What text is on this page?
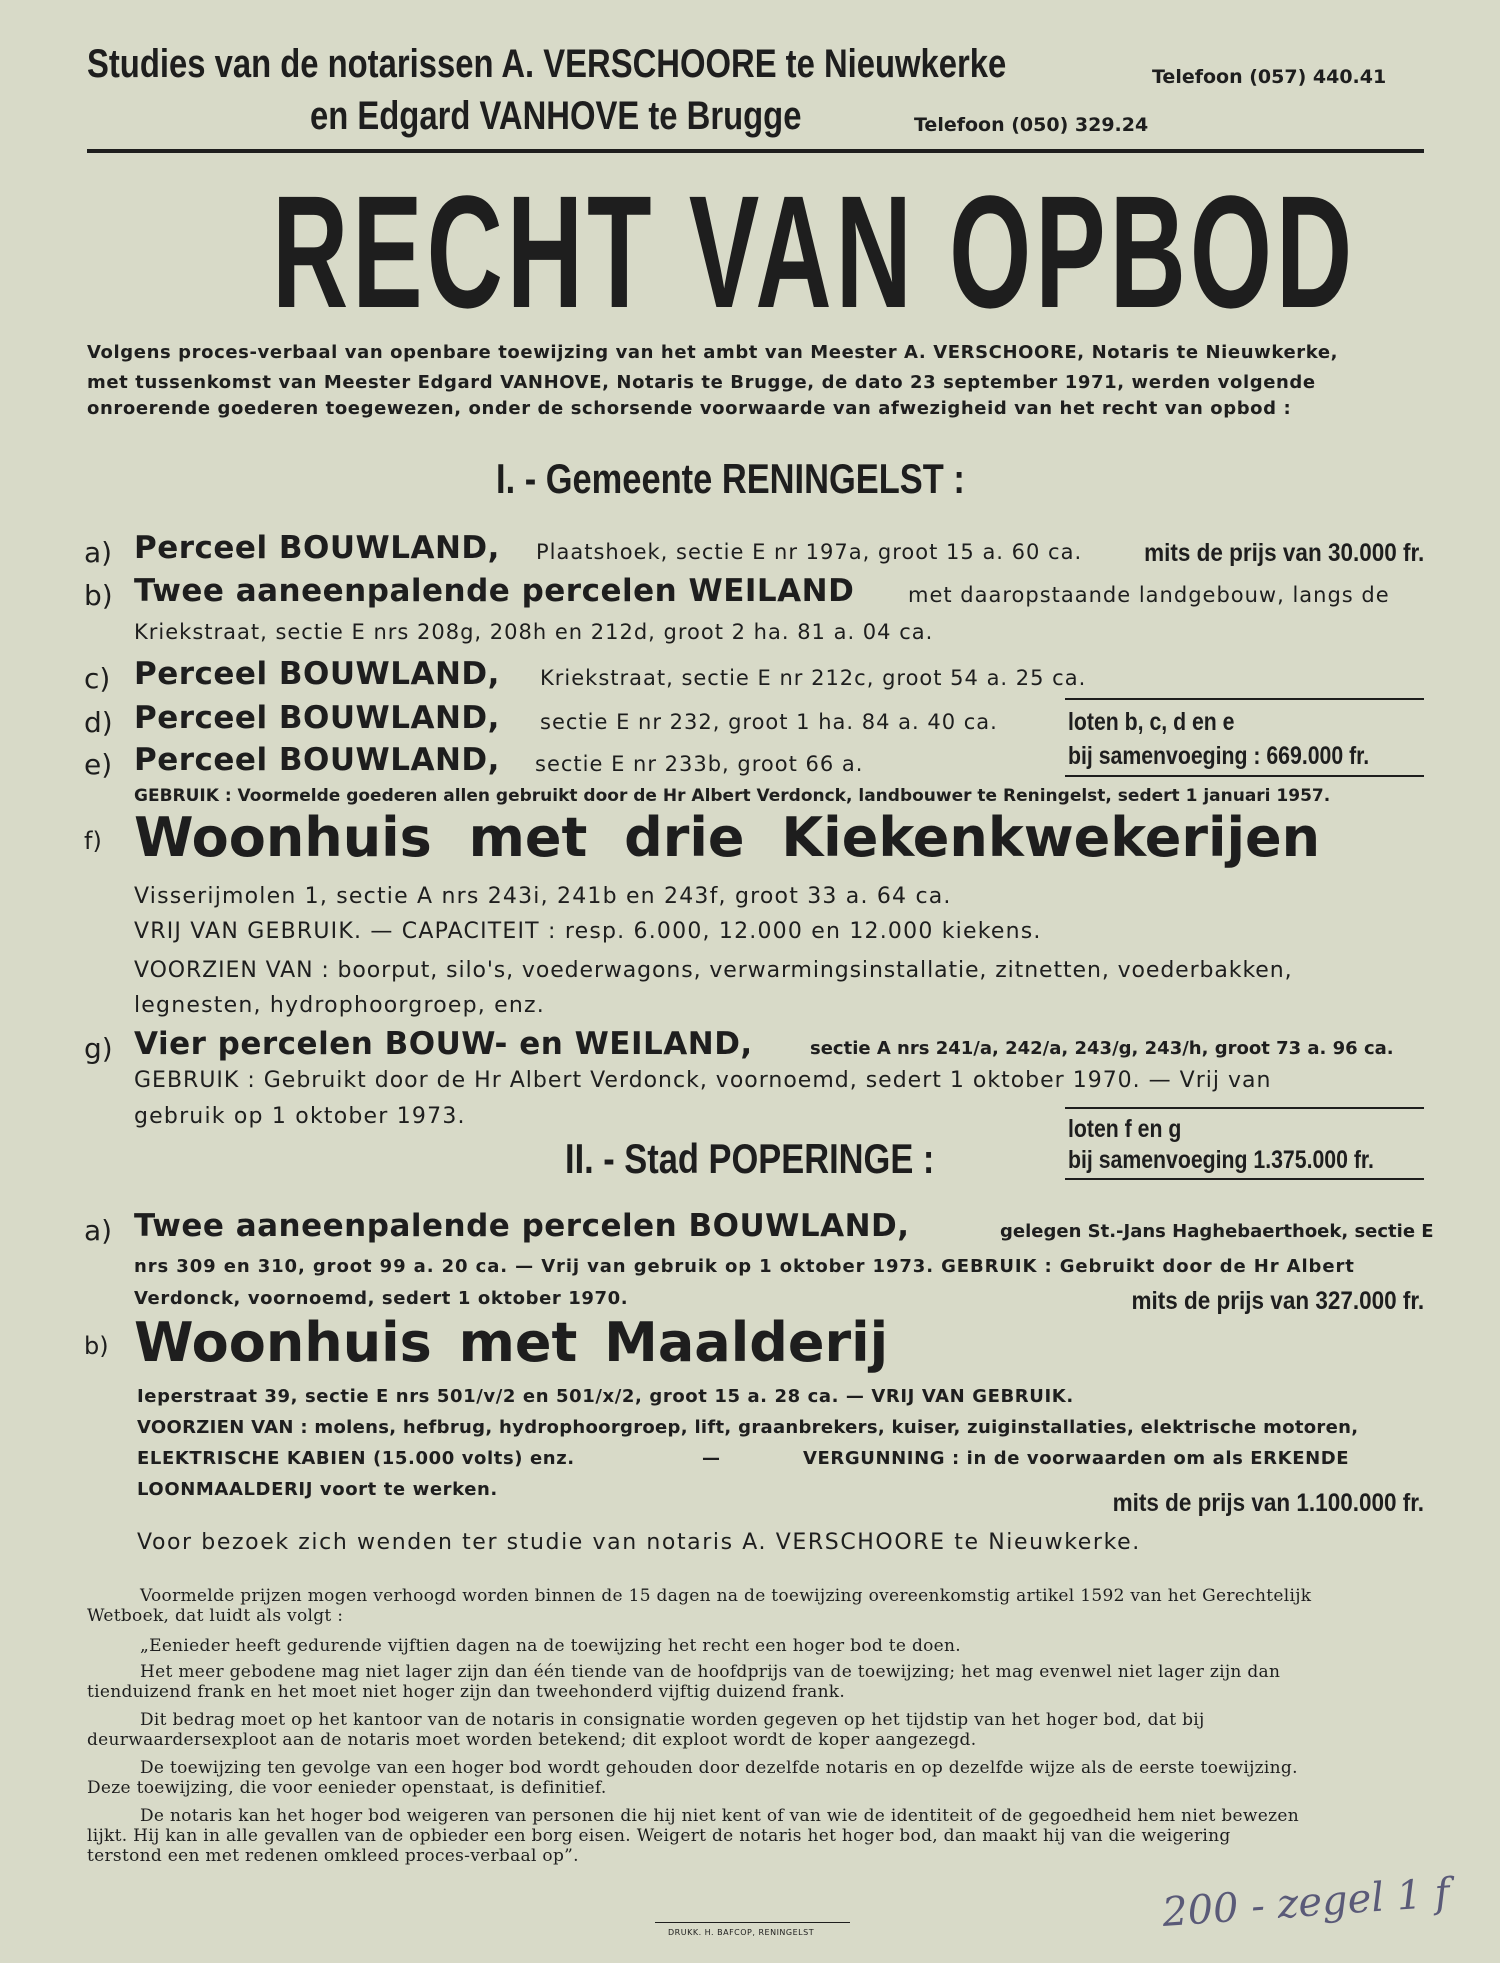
Studies van de notarissen A. VERSCHOORE te Nieuwkerke	Telefoon (057) 440.41
en Edgard VANHOVE te Brugge	Telefoon (050) 329.24
RECHT VAN OPBOD
Volgens proces-verbaal van openbare toewijzing van het ambt van Meester A. VERSCHOORE, Notaris te Nieuwkerke,
met tussenkomst van Meester Edgard VANHOVE, Notaris te Brugge, de dato 23 september 1971, werden volgende
onroerende goederen toegewezen, onder de schorsende voorwaarde van afwezigheid van het recht van opbod :
I. - Gemeente RENINGELST :
a) Perceel BOUWLAND, Plaatshoek, sectie E nr 197a, groot 15 a. 60 ca. mits de prijs van 30.000 fr.
b) Twee aaneenpalende percelen WEILAND	met daaropstaande landgebouw, langs de
Kriekstraat, sectie E nrs 208g, 208h en 212d, groot 2 ha. 81 a. 04 ca.
c) Perceel BOUWLAND, Kriekstraat, sectie E nr 212c, groot 54 a. 25 ca.
d) Perceel BOUWLAND, sectie E nr 232, groot 1 ha. 84 a. 40 ca.	loten b, c, d en e
e) Perceel BOUWLAND, sectie E nr 233b, groot 66 a.	bij samenvoeging : 669.000 fr.
GEBRUIK : Voormelde goederen allen gebruikt door de Hr Albert Verdonck, landbouwer te Reningelst, sedert 1 januari 1957.
f) Woonhuis met drie Kiekenkwekerijen
Visserijmolen 1, sectie A nrs 243i, 241b en 243f, groot 33 a. 64 ca.
VRIJ VAN GEBRUIK. — CAPACITEIT : resp. 6.000, 12.000 en 12.000 kiekens.
VOORZIEN VAN : boorput, silo's, voederwagons, verwarmingsinstallatie, zitnetten, voederbakken,
legnesten, hydrophoorgroep, enz.
g) Vier percelen BOUW- en WEILAND,	sectie A nrs 241/a, 242/a, 243/g, 243/h, groot 73 a. 96 ca.
GEBRUIK : Gebruikt door de Hr Albert Verdonck, voornoemd, sedert 1 oktober 1970. — Vrij van
gebruik op 1 oktober 1973.	loten f en g
bij samenvoeging 1.375.000 fr.
II. - Stad POPERINGE :
a) Twee aaneenpalende percelen BOUWLAND,	gelegen St.-Jans Haghebaerthoek, sectie E
nrs 309 en 310, groot 99 a. 20 ca. — Vrij van gebruik op 1 oktober 1973. GEBRUIK : Gebruikt door de Hr Albert
Verdonck, voornoemd, sedert 1 oktober 1970.	mits de prijs van 327.000 fr.
b) Woonhuis met Maalderij
Ieperstraat 39, sectie E nrs 501/v/2 en 501/x/2, groot 15 a. 28 ca. — VRIJ VAN GEBRUIK.
VOORZIEN VAN : molens, hefbrug, hydrophoorgroep, lift, graanbrekers, kuiser, zuiginstallaties, elektrische motoren,
ELEKTRISCHE KABIEN (15.000 volts) enz.	—	VERGUNNING : in de voorwaarden om als ERKENDE
LOONMAALDERIJ voort te werken.	mits de prijs van 1.100.000 fr.
Voor bezoek zich wenden ter studie van notaris A. VERSCHOORE te Nieuwkerke.
Voormelde prijzen mogen verhoogd worden binnen de 15 dagen na de toewijzing overeenkomstig artikel 1592 van het Gerechtelijk
Wetboek, dat luidt als volgt :
„Eenieder heeft gedurende vijftien dagen na de toewijzing het recht een hoger bod te doen.
Het meer gebodene mag niet lager zijn dan één tiende van de hoofdprijs van de toewijzing; het mag evenwel niet lager zijn dan
tienduizend frank en het moet niet hoger zijn dan tweehonderd vijftig duizend frank.
Dit bedrag moet op het kantoor van de notaris in consignatie worden gegeven op het tijdstip van het hoger bod, dat bij
deurwaardersexploot aan de notaris moet worden betekend; dit exploot wordt de koper aangezegd.
De toewijzing ten gevolge van een hoger bod wordt gehouden door dezelfde notaris en op dezelfde wijze als de eerste toewijzing.
Deze toewijzing, die voor eenieder openstaat, is definitief.
De notaris kan het hoger bod weigeren van personen die hij niet kent of van wie de identiteit of de gegoedheid hem niet bewezen
lijkt. Hij kan in alle gevallen van de opbieder een borg eisen. Weigert de notaris het hoger bod, dan maakt hij van die weigering
terstond een met redenen omkleed proces-verbaal op”.
DRUKK. H. BAFCOP, RENINGELST	200 - zegel 1 f
